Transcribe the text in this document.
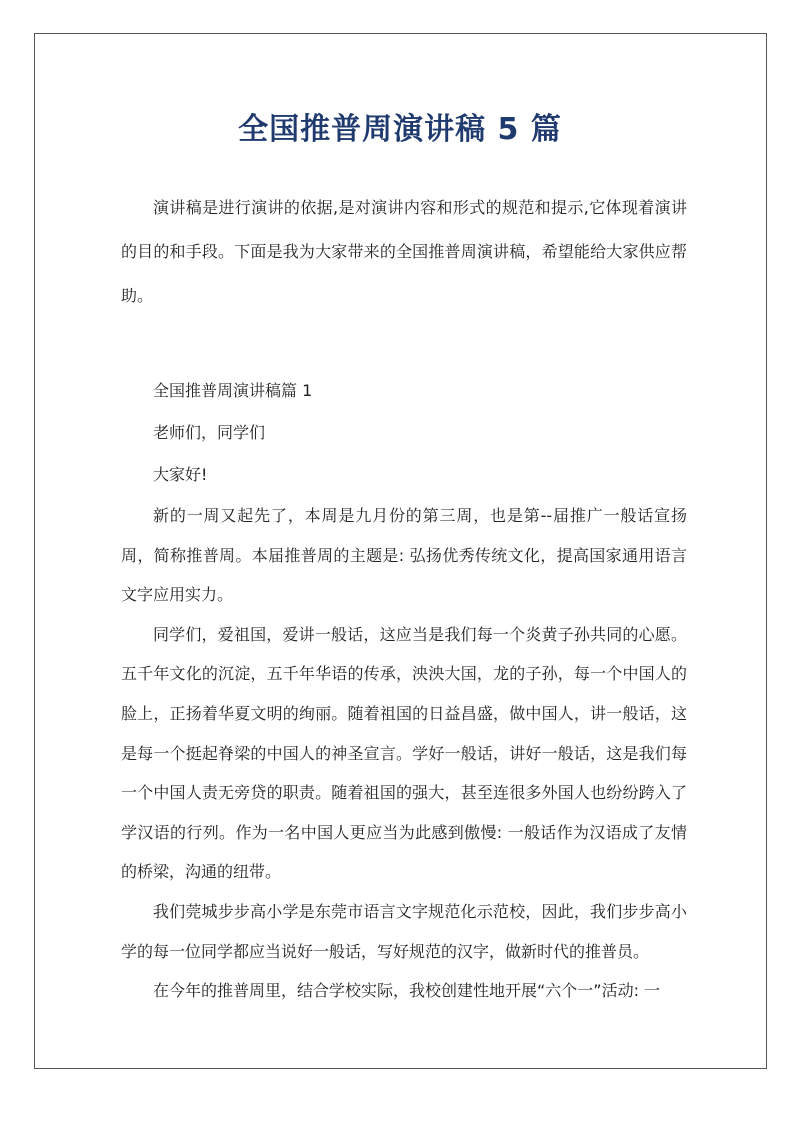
全国推普周演讲稿 5 篇

演讲稿是进行演讲的依据,是对演讲内容和形式的规范和提示,它体现着演讲的目的和手段。下面是我为大家带来的全国推普周演讲稿，希望能给大家供应帮助。

全国推普周演讲稿篇 1

老师们，同学们

大家好!

新的一周又起先了，本周是九月份的第三周，也是第--届推广一般话宣扬周，简称推普周。本届推普周的主题是: 弘扬优秀传统文化，提高国家通用语言文字应用实力。

同学们，爱祖国，爱讲一般话，这应当是我们每一个炎黄子孙共同的心愿。五千年文化的沉淀，五千年华语的传承，泱泱大国，龙的子孙，每一个中国人的脸上，正扬着华夏文明的绚丽。随着祖国的日益昌盛，做中国人，讲一般话，这是每一个挺起脊梁的中国人的神圣宣言。学好一般话，讲好一般话，这是我们每一个中国人责无旁贷的职责。随着祖国的强大，甚至连很多外国人也纷纷跨入了学汉语的行列。作为一名中国人更应当为此感到傲慢: 一般话作为汉语成了友情的桥梁，沟通的纽带。

我们莞城步步高小学是东莞市语言文字规范化示范校，因此，我们步步高小学的每一位同学都应当说好一般话，写好规范的汉字，做新时代的推普员。

在今年的推普周里，结合学校实际，我校创建性地开展“六个一”活动: 一
